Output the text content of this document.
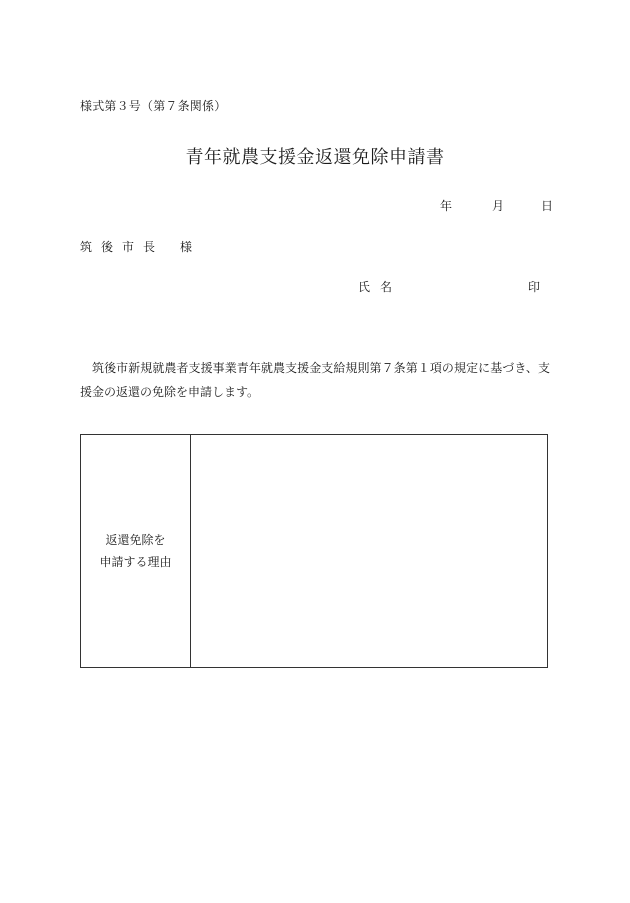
様式第３号（第７条関係）
青年就農支援金返還免除申請書
年	月	日
筑後市長 様
氏名	印
筑後市新規就農者支援事業青年就農支援金支給規則第７条第１項の規定に基づき、支援金の返還の免除を申請します。
返還免除を
申請する理由
